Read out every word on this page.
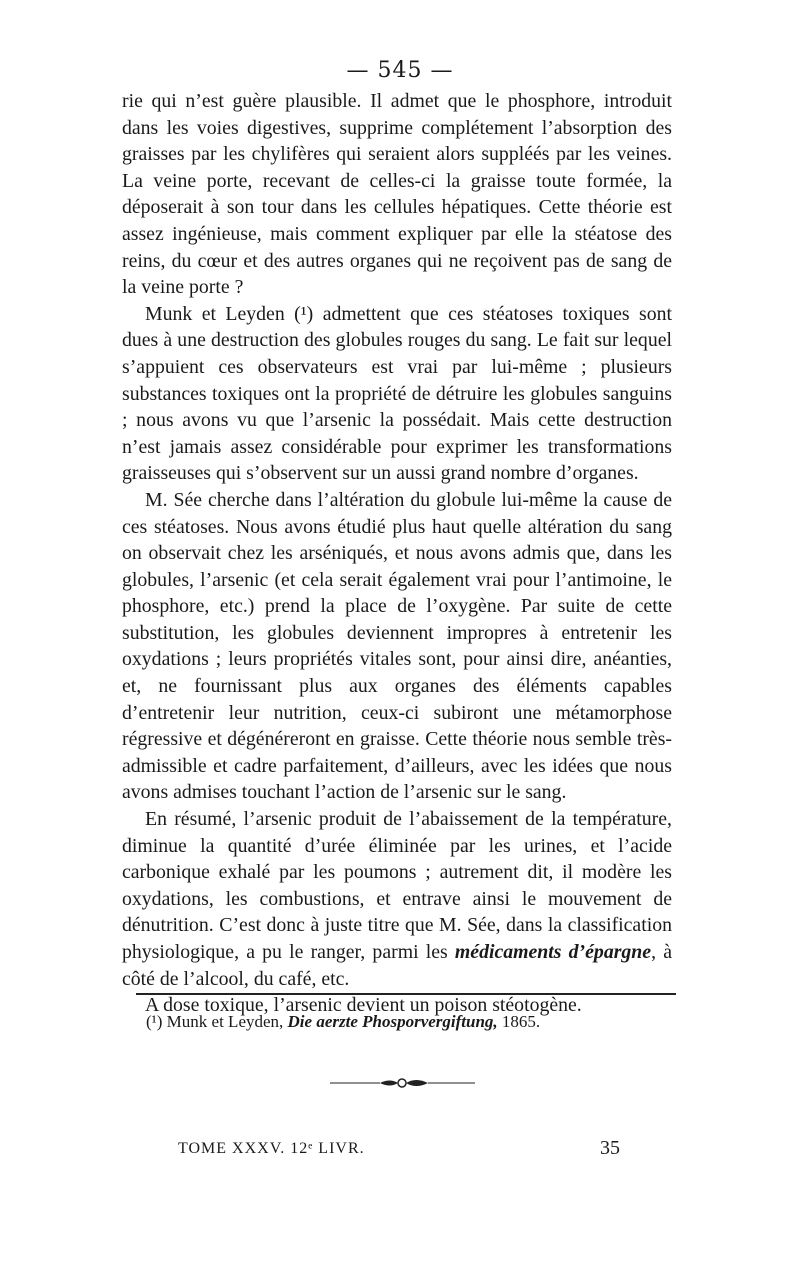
— 545 —

rie qui n’est guère plausible. Il admet que le phosphore, introduit dans les voies digestives, supprime complétement l’absorption des graisses par les chylifères qui seraient alors suppléés par les veines. La veine porte, recevant de celles-ci la graisse toute formée, la déposerait à son tour dans les cellules hépatiques. Cette théorie est assez ingénieuse, mais comment expliquer par elle la stéatose des reins, du cœur et des autres organes qui ne reçoivent pas de sang de la veine porte ?

Munk et Leyden (¹) admettent que ces stéatoses toxiques sont dues à une destruction des globules rouges du sang. Le fait sur lequel s’appuient ces observateurs est vrai par lui-même ; plusieurs substances toxiques ont la propriété de détruire les globules sanguins ; nous avons vu que l’arsenic la possédait. Mais cette destruction n’est jamais assez considérable pour exprimer les transformations graisseuses qui s’observent sur un aussi grand nombre d’organes.

M. Sée cherche dans l’altération du globule lui-même la cause de ces stéatoses. Nous avons étudié plus haut quelle altération du sang on observait chez les arséniqués, et nous avons admis que, dans les globules, l’arsenic (et cela serait également vrai pour l’antimoine, le phosphore, etc.) prend la place de l’oxygène. Par suite de cette substitution, les globules deviennent impropres à entretenir les oxydations ; leurs propriétés vitales sont, pour ainsi dire, anéanties, et, ne fournissant plus aux organes des éléments capables d’entretenir leur nutrition, ceux-ci subiront une métamorphose régressive et dégénéreront en graisse. Cette théorie nous semble très-admissible et cadre parfaitement, d’ailleurs, avec les idées que nous avons admises touchant l’action de l’arsenic sur le sang.

En résumé, l’arsenic produit de l’abaissement de la température, diminue la quantité d’urée éliminée par les urines, et l’acide carbonique exhalé par les poumons ; autrement dit, il modère les oxydations, les combustions, et entrave ainsi le mouvement de dénutrition. C’est donc à juste titre que M. Sée, dans la classification physiologique, a pu le ranger, parmi les médicaments d’épargne, à côté de l’alcool, du café, etc.

A dose toxique, l’arsenic devient un poison stéotogène.

(¹) Munk et Leyden, Die aerzte Phosporvergiftung, 1865.
TOME XXXV. 12ᵉ LIVR.	35
